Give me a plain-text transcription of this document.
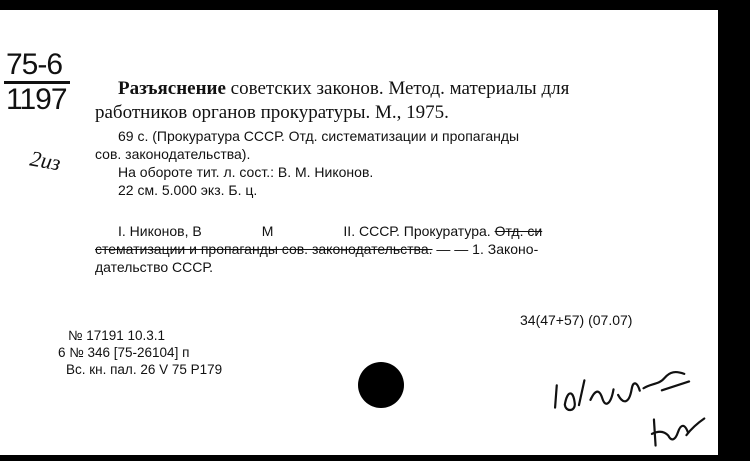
75-6
1197
2из
Разъяснение советских законов. Метод. материалы для
работников органов прокуратуры. М., 1975.
69 с. (Прокуратура СССР. Отд. систематизации и пропаганды
сов. законодательства).
На обороте тит. л. сост.: В. М. Никонов.
22 см. 5.000 экз. Б. ц.
I. Никонов, В	М	II. СССР. Прокуратура. Отд. си
стематизации и пропаганды сов. законодательства. — — 1. Законо-
дательство СССР.
34(47+57) (07.07)
№ 17191 10.3.1
6 № 346 [75-26104] п
Вс. кн. пал. 26 V 75 P179
